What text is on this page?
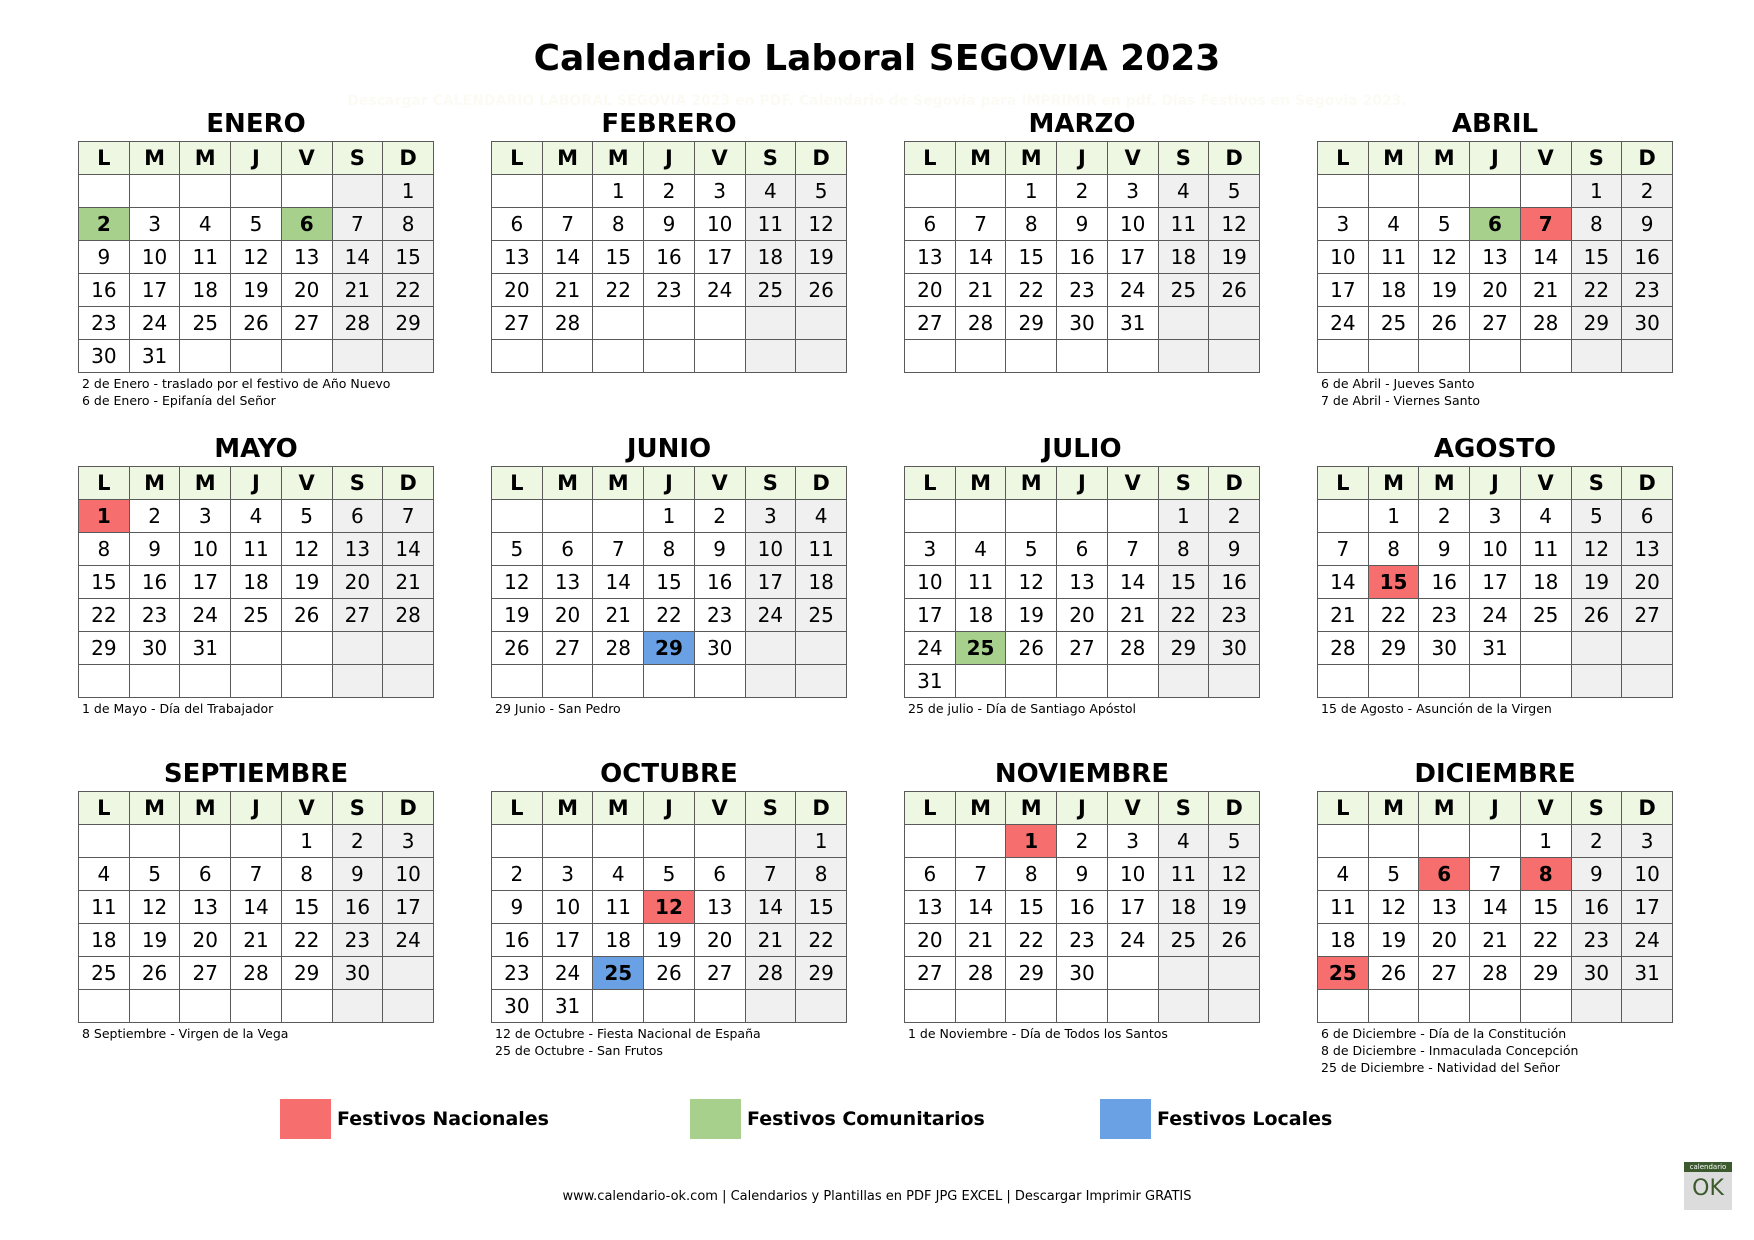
Calendario Laboral SEGOVIA 2023
Descargar CALENDARIO LABORAL SEGOVIA 2023 en PDF. Calendario de Segovia para IMPRIMIR en pdf. Días Festivos en Segovia 2023.
ENERO
L	M	M	J	V	S	D
						1
2	3	4	5	6	7	8
9	10	11	12	13	14	15
16	17	18	19	20	21	22
23	24	25	26	27	28	29
30	31					
2 de Enero - traslado por el festivo de Año Nuevo
6 de Enero - Epifanía del Señor
FEBRERO
L	M	M	J	V	S	D
		1	2	3	4	5
6	7	8	9	10	11	12
13	14	15	16	17	18	19
20	21	22	23	24	25	26
27	28					

MARZO
L	M	M	J	V	S	D
		1	2	3	4	5
6	7	8	9	10	11	12
13	14	15	16	17	18	19
20	21	22	23	24	25	26
27	28	29	30	31		

ABRIL
L	M	M	J	V	S	D
					1	2
3	4	5	6	7	8	9
10	11	12	13	14	15	16
17	18	19	20	21	22	23
24	25	26	27	28	29	30

6 de Abril - Jueves Santo
7 de Abril - Viernes Santo
MAYO
L	M	M	J	V	S	D
1	2	3	4	5	6	7
8	9	10	11	12	13	14
15	16	17	18	19	20	21
22	23	24	25	26	27	28
29	30	31				

1 de Mayo - Día del Trabajador
JUNIO
L	M	M	J	V	S	D
			1	2	3	4
5	6	7	8	9	10	11
12	13	14	15	16	17	18
19	20	21	22	23	24	25
26	27	28	29	30		

29 Junio - San Pedro
JULIO
L	M	M	J	V	S	D
					1	2
3	4	5	6	7	8	9
10	11	12	13	14	15	16
17	18	19	20	21	22	23
24	25	26	27	28	29	30
31						
25 de julio - Día de Santiago Apóstol
AGOSTO
L	M	M	J	V	S	D
	1	2	3	4	5	6
7	8	9	10	11	12	13
14	15	16	17	18	19	20
21	22	23	24	25	26	27
28	29	30	31			

15 de Agosto - Asunción de la Virgen
SEPTIEMBRE
L	M	M	J	V	S	D
				1	2	3
4	5	6	7	8	9	10
11	12	13	14	15	16	17
18	19	20	21	22	23	24
25	26	27	28	29	30	

8 Septiembre - Virgen de la Vega
OCTUBRE
L	M	M	J	V	S	D
						1
2	3	4	5	6	7	8
9	10	11	12	13	14	15
16	17	18	19	20	21	22
23	24	25	26	27	28	29
30	31					
12 de Octubre - Fiesta Nacional de España
25 de Octubre - San Frutos
NOVIEMBRE
L	M	M	J	V	S	D
		1	2	3	4	5
6	7	8	9	10	11	12
13	14	15	16	17	18	19
20	21	22	23	24	25	26
27	28	29	30			

1 de Noviembre - Día de Todos los Santos
DICIEMBRE
L	M	M	J	V	S	D
				1	2	3
4	5	6	7	8	9	10
11	12	13	14	15	16	17
18	19	20	21	22	23	24
25	26	27	28	29	30	31

6 de Diciembre - Día de la Constitución
8 de Diciembre - Inmaculada Concepción
25 de Diciembre - Natividad del Señor
Festivos Nacionales	Festivos Comunitarios	Festivos Locales
www.calendario-ok.com | Calendarios y Plantillas en PDF JPG EXCEL | Descargar Imprimir GRATIS
calendario
OK
